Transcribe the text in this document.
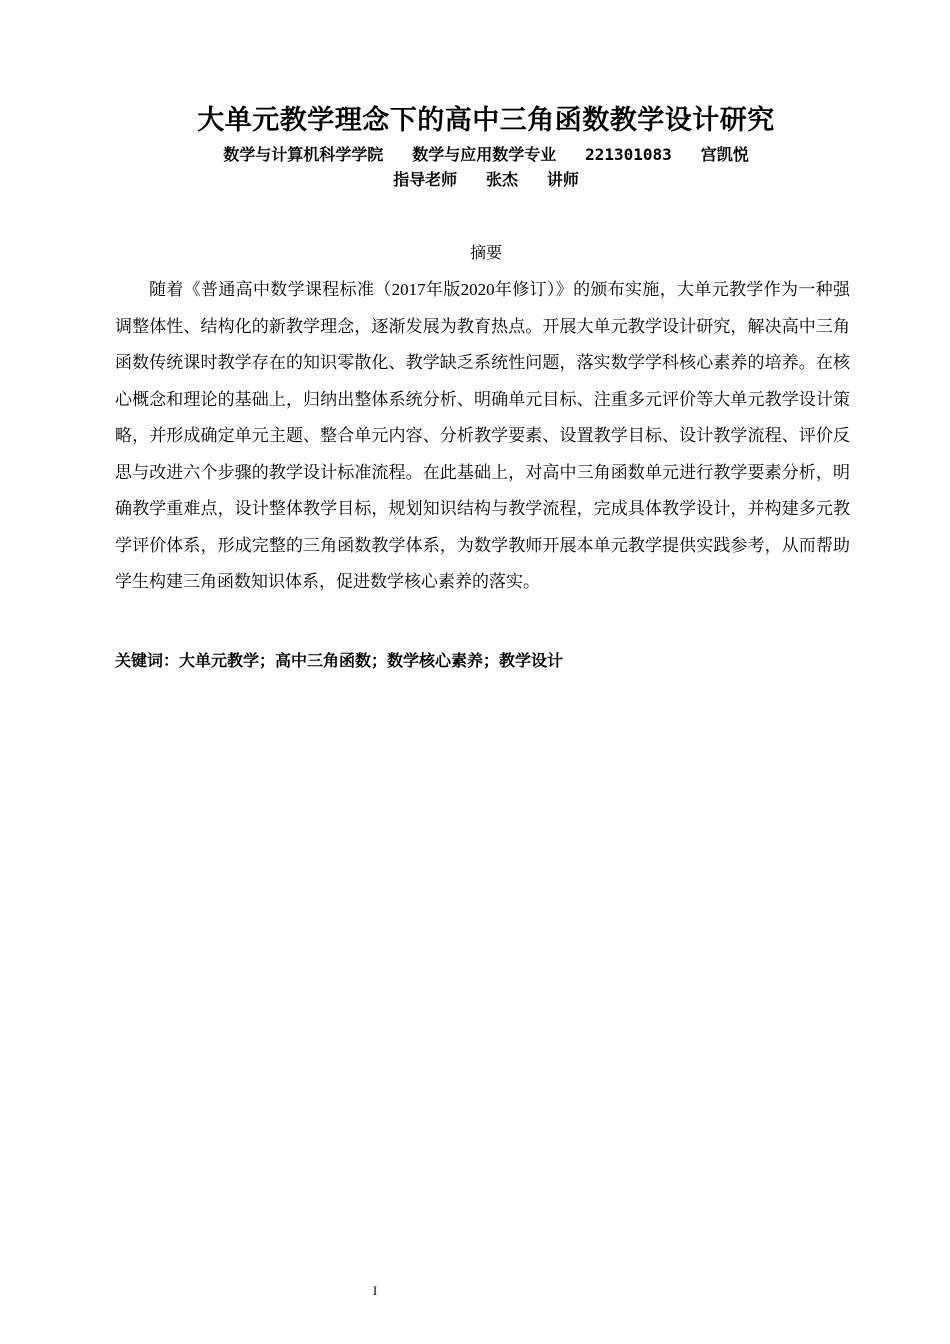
大单元教学理念下的高中三角函数教学设计研究
数学与计算机科学学院   数学与应用数学专业   221301083   宫凯悦
指导老师   张杰   讲师
摘要

随着《普通高中数学课程标准（2017年版2020年修订）》的颁布实施，大单元教学作为一种强调整体性、结构化的新教学理念，逐渐发展为教育热点。开展大单元教学设计研究，解决高中三角函数传统课时教学存在的知识零散化、教学缺乏系统性问题，落实数学学科核心素养的培养。在核心概念和理论的基础上，归纳出整体系统分析、明确单元目标、注重多元评价等大单元教学设计策略，并形成确定单元主题、整合单元内容、分析教学要素、设置教学目标、设计教学流程、评价反思与改进六个步骤的教学设计标准流程。在此基础上，对高中三角函数单元进行教学要素分析，明确教学重难点，设计整体教学目标，规划知识结构与教学流程，完成具体教学设计，并构建多元教学评价体系，形成完整的三角函数教学体系，为数学教师开展本单元教学提供实践参考，从而帮助学生构建三角函数知识体系，促进数学核心素养的落实。

关键词：大单元教学；高中三角函数；数学核心素养；教学设计
I
